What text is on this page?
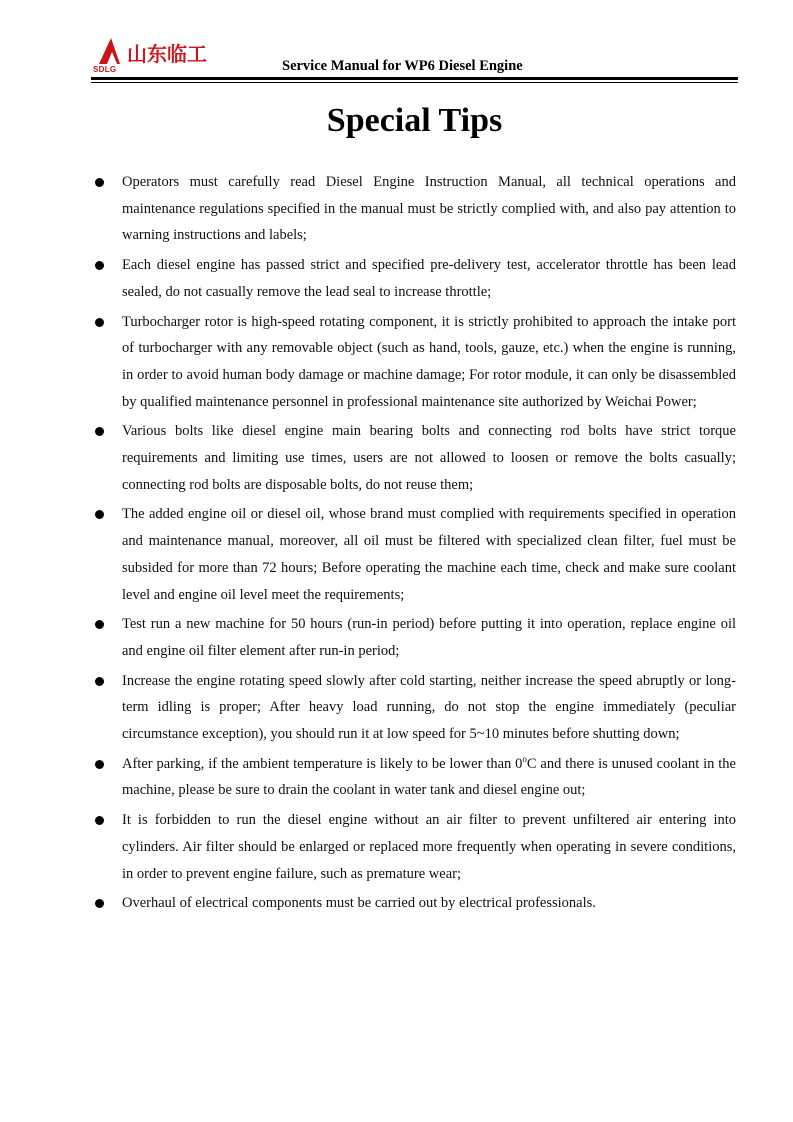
山东临工
SDLG	Service Manual for WP6 Diesel Engine
Special Tips
Operators must carefully read Diesel Engine Instruction Manual, all technical operations and maintenance regulations specified in the manual must be strictly complied with, and also pay attention to warning instructions and labels;
Each diesel engine has passed strict and specified pre-delivery test, accelerator throttle has been lead sealed, do not casually remove the lead seal to increase throttle;
Turbocharger rotor is high-speed rotating component, it is strictly prohibited to approach the intake port of turbocharger with any removable object (such as hand, tools, gauze, etc.) when the engine is running, in order to avoid human body damage or machine damage; For rotor module, it can only be disassembled by qualified maintenance personnel in professional maintenance site authorized by Weichai Power;
Various bolts like diesel engine main bearing bolts and connecting rod bolts have strict torque requirements and limiting use times, users are not allowed to loosen or remove the bolts casually; connecting rod bolts are disposable bolts, do not reuse them;
The added engine oil or diesel oil, whose brand must complied with requirements specified in operation and maintenance manual, moreover, all oil must be filtered with specialized clean filter, fuel must be subsided for more than 72 hours; Before operating the machine each time, check and make sure coolant level and engine oil level meet the requirements;
Test run a new machine for 50 hours (run-in period) before putting it into operation, replace engine oil and engine oil filter element after run-in period;
Increase the engine rotating speed slowly after cold starting, neither increase the speed abruptly or long-term idling is proper; After heavy load running, do not stop the engine immediately (peculiar circumstance exception), you should run it at low speed for 5~10 minutes before shutting down;
After parking, if the ambient temperature is likely to be lower than 0$^o$C and there is unused coolant in the machine, please be sure to drain the coolant in water tank and diesel engine out;
It is forbidden to run the diesel engine without an air filter to prevent unfiltered air entering into cylinders. Air filter should be enlarged or replaced more frequently when operating in severe conditions, in order to prevent engine failure, such as premature wear;
Overhaul of electrical components must be carried out by electrical professionals.
